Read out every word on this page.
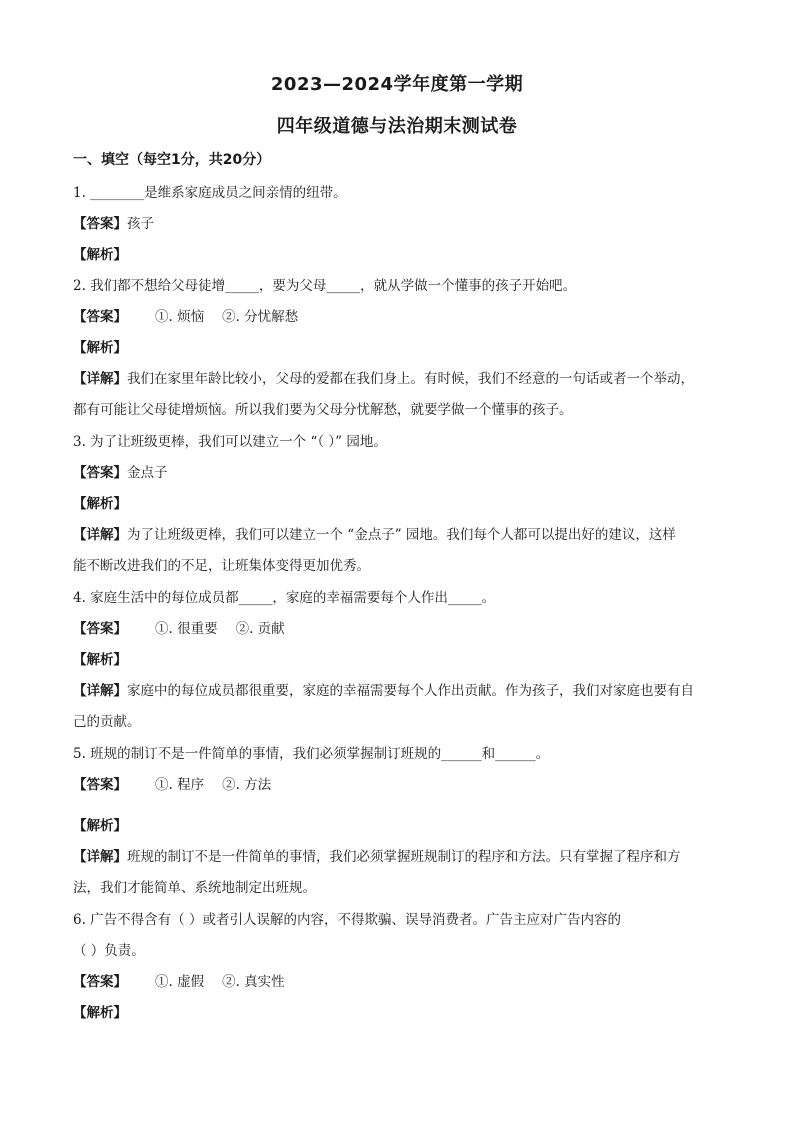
2023—2024学年度第一学期
四年级道德与法治期末测试卷
一、填空（每空1分，共20分）
1. ________是维系家庭成员之间亲情的纽带。
【答案】孩子
【解析】
2. 我们都不想给父母徒增_____，要为父母_____，就从学做一个懂事的孩子开始吧。
【答案】 ①. 烦恼 ②. 分忧解愁
【解析】
【详解】我们在家里年龄比较小，父母的爱都在我们身上。有时候，我们不经意的一句话或者一个举动，
都有可能让父母徒增烦恼。所以我们要为父母分忧解愁，就要学做一个懂事的孩子。
3. 为了让班级更棒，我们可以建立一个 “（ ）” 园地。
【答案】金点子
【解析】
【详解】为了让班级更棒，我们可以建立一个 “金点子” 园地。我们每个人都可以提出好的建议，这样
能不断改进我们的不足，让班集体变得更加优秀。
4. 家庭生活中的每位成员都_____，家庭的幸福需要每个人作出_____。
【答案】 ①. 很重要 ②. 贡献
【解析】
【详解】家庭中的每位成员都很重要，家庭的幸福需要每个人作出贡献。作为孩子，我们对家庭也要有自
己的贡献。
5. 班规的制订不是一件简单的事情，我们必须掌握制订班规的______和______。
【答案】 ①. 程序 ②. 方法
【解析】
【详解】班规的制订不是一件简单的事情，我们必须掌握班规制订的程序和方法。只有掌握了程序和方
法，我们才能简单、系统地制定出班规。
6. 广告不得含有（ ）或者引人误解的内容，不得欺骗、误导消费者。广告主应对广告内容的
（ ）负责。
【答案】 ①. 虚假 ②. 真实性
【解析】
